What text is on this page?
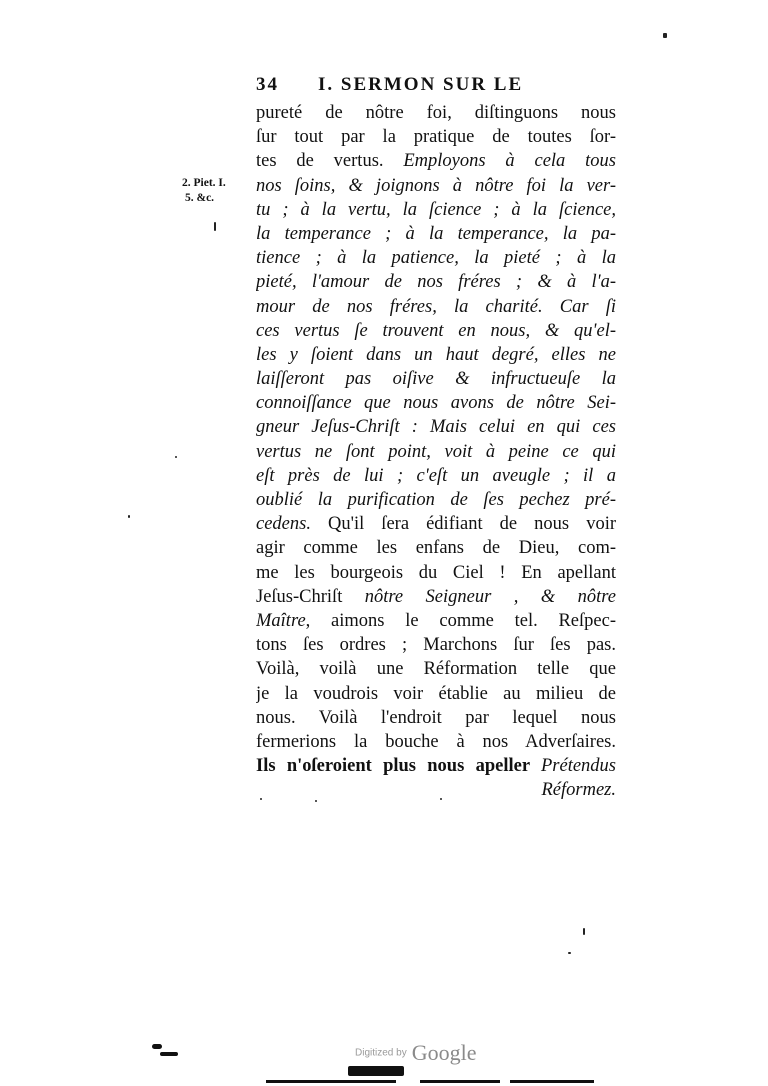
34 I. SERMON SUR LE
2. Piet. I.
5. &c.
pureté de nôtre foi, diſtinguons nous
ſur tout par la pratique de toutes ſor-
tes de vertus. Employons à cela tous
nos ſoins, & joignons à nôtre foi la ver-
tu ; à la vertu, la ſcience ; à la ſcience,
la temperance ; à la temperance, la pa-
tience ; à la patience, la pieté ; à la
pieté, l'amour de nos fréres ; & à l'a-
mour de nos fréres, la charité. Car ſi
ces vertus ſe trouvent en nous, & qu'el-
les y ſoient dans un haut degré, elles ne
laiſſeront pas oiſive & infructueuſe la
connoiſſance que nous avons de nôtre Sei-
gneur Jeſus-Chriſt : Mais celui en qui ces
vertus ne ſont point, voit à peine ce qui
eſt près de lui ; c'eſt un aveugle ; il a
oublié la purification de ſes pechez pré-
cedens. Qu'il ſera édifiant de nous voir
agir comme les enfans de Dieu, com-
me les bourgeois du Ciel ! En apellant
Jeſus-Chriſt nôtre Seigneur , & nôtre
Maître, aimons le comme tel. Reſpec-
tons ſes ordres ; Marchons ſur ſes pas.
Voilà, voilà une Réformation telle que
je la voudrois voir établie au milieu de
nous. Voilà l'endroit par lequel nous
fermerions la bouche à nos Adverſaires.
Ils n'oſeroient plus nous apeller Prétendus
Réformez.
Digitized by Google
